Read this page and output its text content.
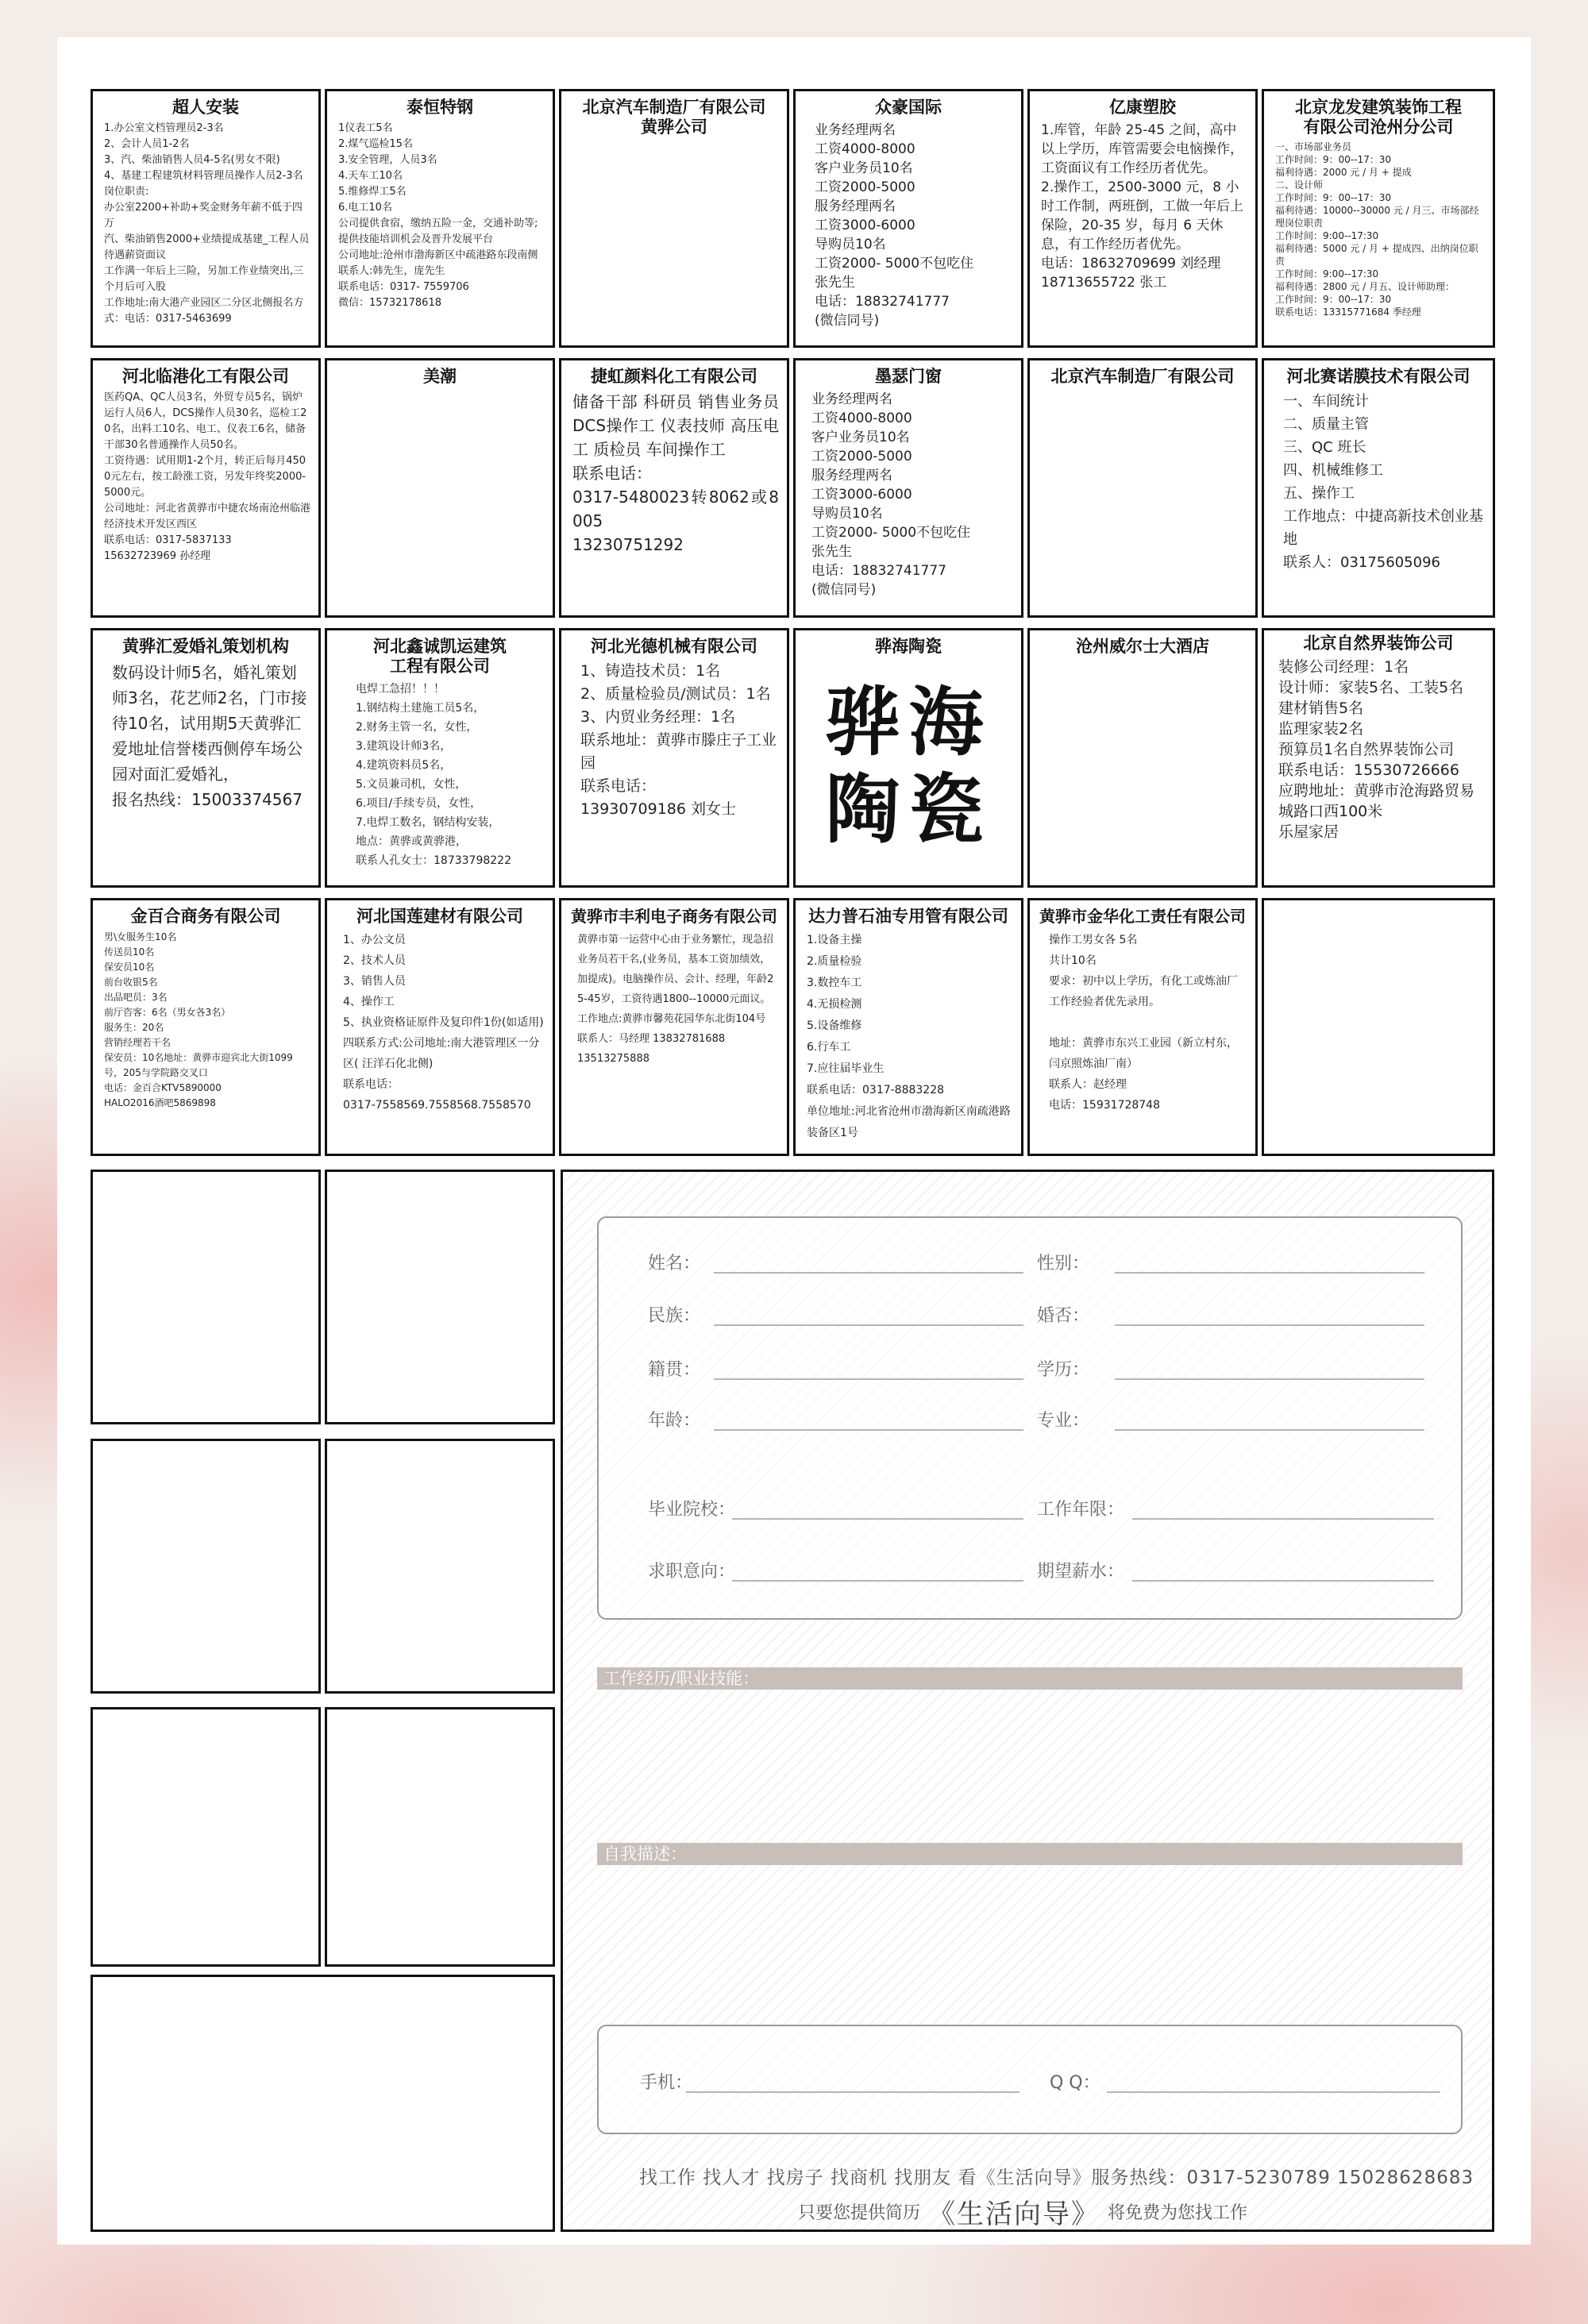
超人安装
1.办公室文档管理员2-3名
2、会计人员1-2名
3、汽、柴油销售人员4-5名(男女不限)
4、基建工程建筑材料管理员操作人员2-3名岗位职责:
办公室2200+补助+奖金财务年薪不低于四万
汽、柴油销售2000+业绩提成基建_工程人员待遇薪资面议
工作满一年后上三险，另加工作业绩突出,三个月后可入股
工作地址:南大港产业园区二分区北侧报名方式：电话：0317-5463699
泰恒特钢
1仪表工5名
2.煤气巡检15名
3.安全管理，人员3名
4.天车工10名
5.维修焊工5名
6.电工10名
公司提供食宿，缴纳五险一金，交通补助等;提供技能培训机会及晋升发展平台
公司地址:沧州市渤海新区中疏港路东段南侧
联系人:韩先生，庞先生
联系电话：0317- 7559706
微信：15732178618
北京汽车制造厂有限公司
黄骅公司
众豪国际
业务经理两名
工资4000-8000
客户业务员10名
工资2000-5000
服务经理两名
工资3000-6000
导购员10名
工资2000- 5000不包吃住
张先生
电话：18832741777
(微信同号)
亿康塑胶
1.库管，年龄 25-45 之间，高中以上学历，库管需要会电恼操作，工资面议有工作经历者优先。
2.操作工，2500-3000 元，8 小时工作制，两班倒，工做一年后上保险，20-35 岁，每月 6 天休息，有工作经历者优先。
电话：18632709699 刘经理
18713655722 张工
北京龙发建筑装饰工程
有限公司沧州分公司
一、市场部业务员
工作时间：9：00--17：30
福利待遇：2000 元 / 月 + 提成
二、设计师
工作时间：9：00--17：30
福利待遇：10000--30000 元 / 月三、市场部经理岗位职责
工作时间：9:00--17:30
福利待遇：5000 元 / 月 + 提成四、出纳岗位职责
工作时间：9:00--17:30
福利待遇：2800 元 / 月五、设计师助理：
工作时间：9：00--17：30
联系电话：13315771684 季经理
河北临港化工有限公司
医药QA、QC人员3名，外贸专员5名，锅炉运行人员6人，DCS操作人员30名，巡检工20名，出料工10名、电工、仪表工6名，储备干部30名普通操作人员50名。
工资待遇：试用期1-2个月，转正后每月4500元左右，按工龄涨工资，另发年终奖2000-5000元。
公司地址：河北省黄骅市中捷农场南沧州临港经济技术开发区西区
联系电话：0317-5837133
15632723969 孙经理
美潮	捷虹颜料化工有限公司
储备干部 科研员 销售业务员 DCS操作工 仪表技师 高压电工 质检员 车间操作工
联系电话：
0317-5480023转8062或8005
13230751292
墨瑟门窗
业务经理两名
工资4000-8000
客户业务员10名
工资2000-5000
服务经理两名
工资3000-6000
导购员10名
工资2000- 5000不包吃住
张先生
电话：18832741777
(微信同号)
北京汽车制造厂有限公司	河北赛诺膜技术有限公司
一、车间统计
二、质量主管
三、QC 班长
四、机械维修工
五、操作工
工作地点：中捷高新技术创业基地
联系人：03175605096
黄骅汇爱婚礼策划机构
数码设计师5名，婚礼策划师3名，花艺师2名，门市接待10名，试用期5天黄骅汇爱地址信誉楼西侧停车场公园对面汇爱婚礼，
报名热线：15003374567
河北鑫诚凯运建筑
工程有限公司
电焊工急招！！！
1.钢结构土建施工员5名，
2.财务主管一名，女性，
3.建筑设计师3名，
4.建筑资料员5名，
5.文员兼司机，女性，
6.项目/手续专员，女性，
7.电焊工数名，钢结构安装，
地点：黄骅或黄骅港，
联系人孔女士：18733798222
河北光德机械有限公司
1、铸造技术员：1名
2、质量检验员/测试员：1名
3、内贸业务经理：1名
联系地址：黄骅市滕庄子工业园
联系电话：
13930709186 刘女士
骅海陶瓷
骅 海
陶 瓷
沧州威尔士大酒店	北京自然界装饰公司
装修公司经理：1名
设计师：家装5名、工装5名
建材销售5名
监理家装2名
预算员1名自然界装饰公司
联系电话：15530726666
应聘地址：黄骅市沧海路贸易城路口西100米
乐屋家居
金百合商务有限公司
男\女服务生10名
传送员10名
保安员10名
前台收银5名
出品吧员：3名
前厅咨客：6名（男女各3名）
服务生：20名
营销经理若干名
保安员：10名地址：黄骅市迎宾北大街1099号，205与学院路交叉口
电话：金百合KTV5890000
HALO2016酒吧5869898
河北国莲建材有限公司
1、办公文员
2、技术人员
3、销售人员
4、操作工
5、执业资格证原件及复印件1份(如适用)四联系方式:公司地址:南大港管理区一分区( 汪洋石化北侧)
联系电话：
0317-7558569.7558568.7558570
黄骅市丰利电子商务有限公司
黄骅市第一运营中心由于业务繁忙，现急招业务员若干名,(业务员，基本工资加绩效，加提成)。电脑操作员、会计、经理，年龄25-45岁，工资待遇1800--10000元面议。
工作地点:黄骅市馨苑花园华东北街104号
联系人：马经理 13832781688
13513275888
达力普石油专用管有限公司
1.设备主操
2.质量检验
3.数控车工
4.无损检测
5.设备维修
6.行车工
7.应往届毕业生
联系电话：0317-8883228
单位地址:河北省沧州市渤海新区南疏港路装备区1号
黄骅市金华化工责任有限公司
操作工男女各 5名
共计10名
要求：初中以上学历，有化工或炼油厂工作经验者优先录用。

地址：黄骅市东兴工业园（新立村东，闫京照炼油厂南）
联系人：赵经理
电话：15931728748
姓名：	性别：
民族：	婚否：
籍贯：	学历：
年龄：	专业：
毕业院校：	工作年限：
求职意向：	期望薪水：
工作经历/职业技能：
自我描述：
手机：	Q Q：
找工作 找人才 找房子 找商机 找朋友 看《生活向导》服务热线：0317-5230789 15028628683
只要您提供简历 《生活向导》 将免费为您找工作
